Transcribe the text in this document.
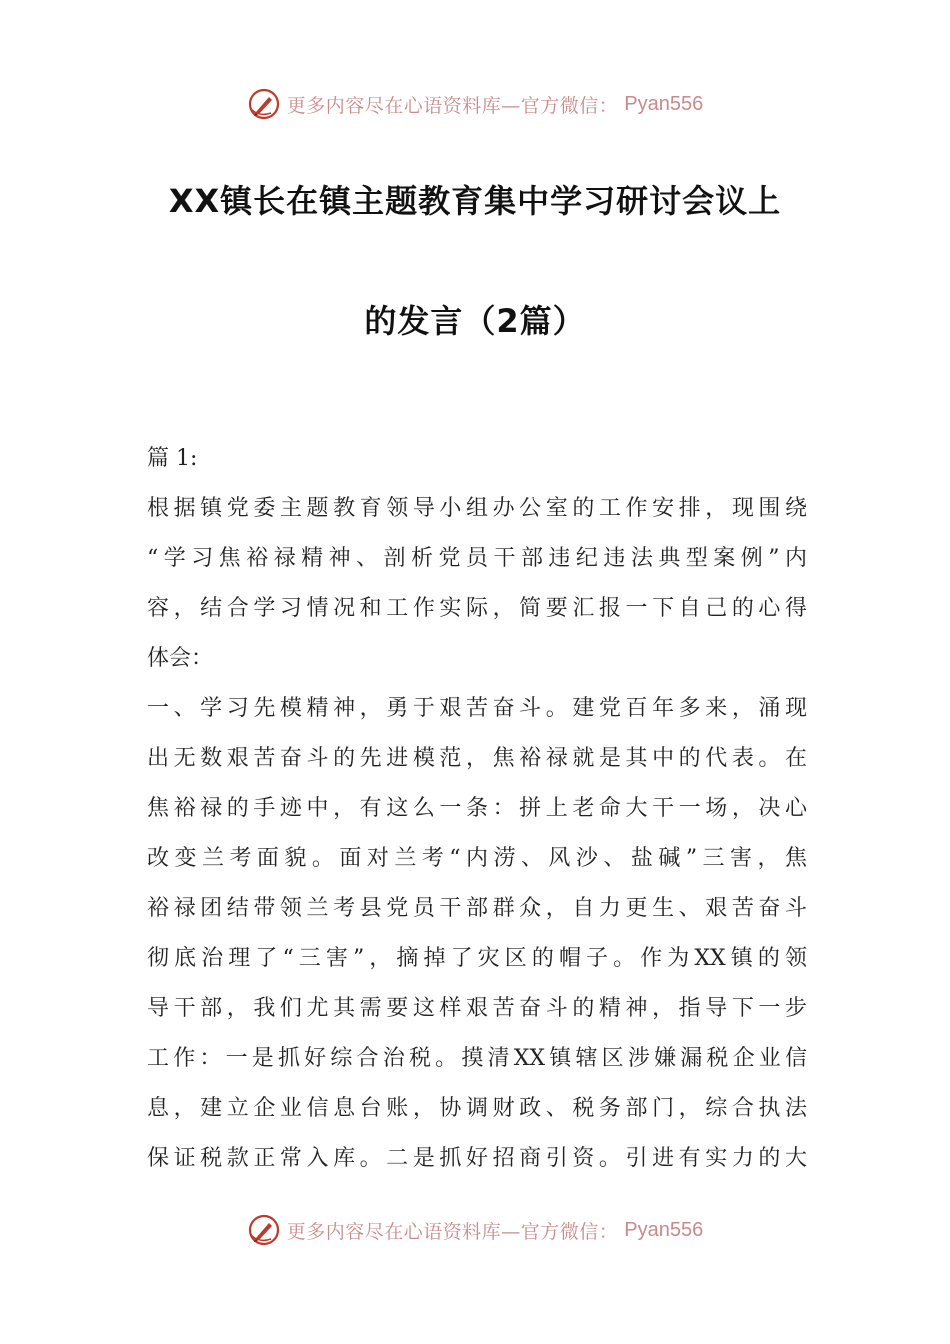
更多内容尽在心语资料库—官方微信： Pyan556
XX镇长在镇主题教育集中学习研讨会议上
的发言（2篇）
篇 1:
根据镇党委主题教育领导小组办公室的工作安排，现围绕
“学习焦裕禄精神、剖析党员干部违纪违法典型案例”内
容，结合学习情况和工作实际，简要汇报一下自己的心得
体会：
一、学习先模精神，勇于艰苦奋斗。建党百年多来，涌现
出无数艰苦奋斗的先进模范，焦裕禄就是其中的代表。在
焦裕禄的手迹中，有这么一条：拼上老命大干一场，决心
改变兰考面貌。面对兰考“内涝、风沙、盐碱”三害，焦
裕禄团结带领兰考县党员干部群众，自力更生、艰苦奋斗
彻底治理了“三害”，摘掉了灾区的帽子。作为XX镇的领
导干部，我们尤其需要这样艰苦奋斗的精神，指导下一步
工作：一是抓好综合治税。摸清XX镇辖区涉嫌漏税企业信
息，建立企业信息台账，协调财政、税务部门，综合执法
保证税款正常入库。二是抓好招商引资。引进有实力的大
更多内容尽在心语资料库—官方微信： Pyan556
